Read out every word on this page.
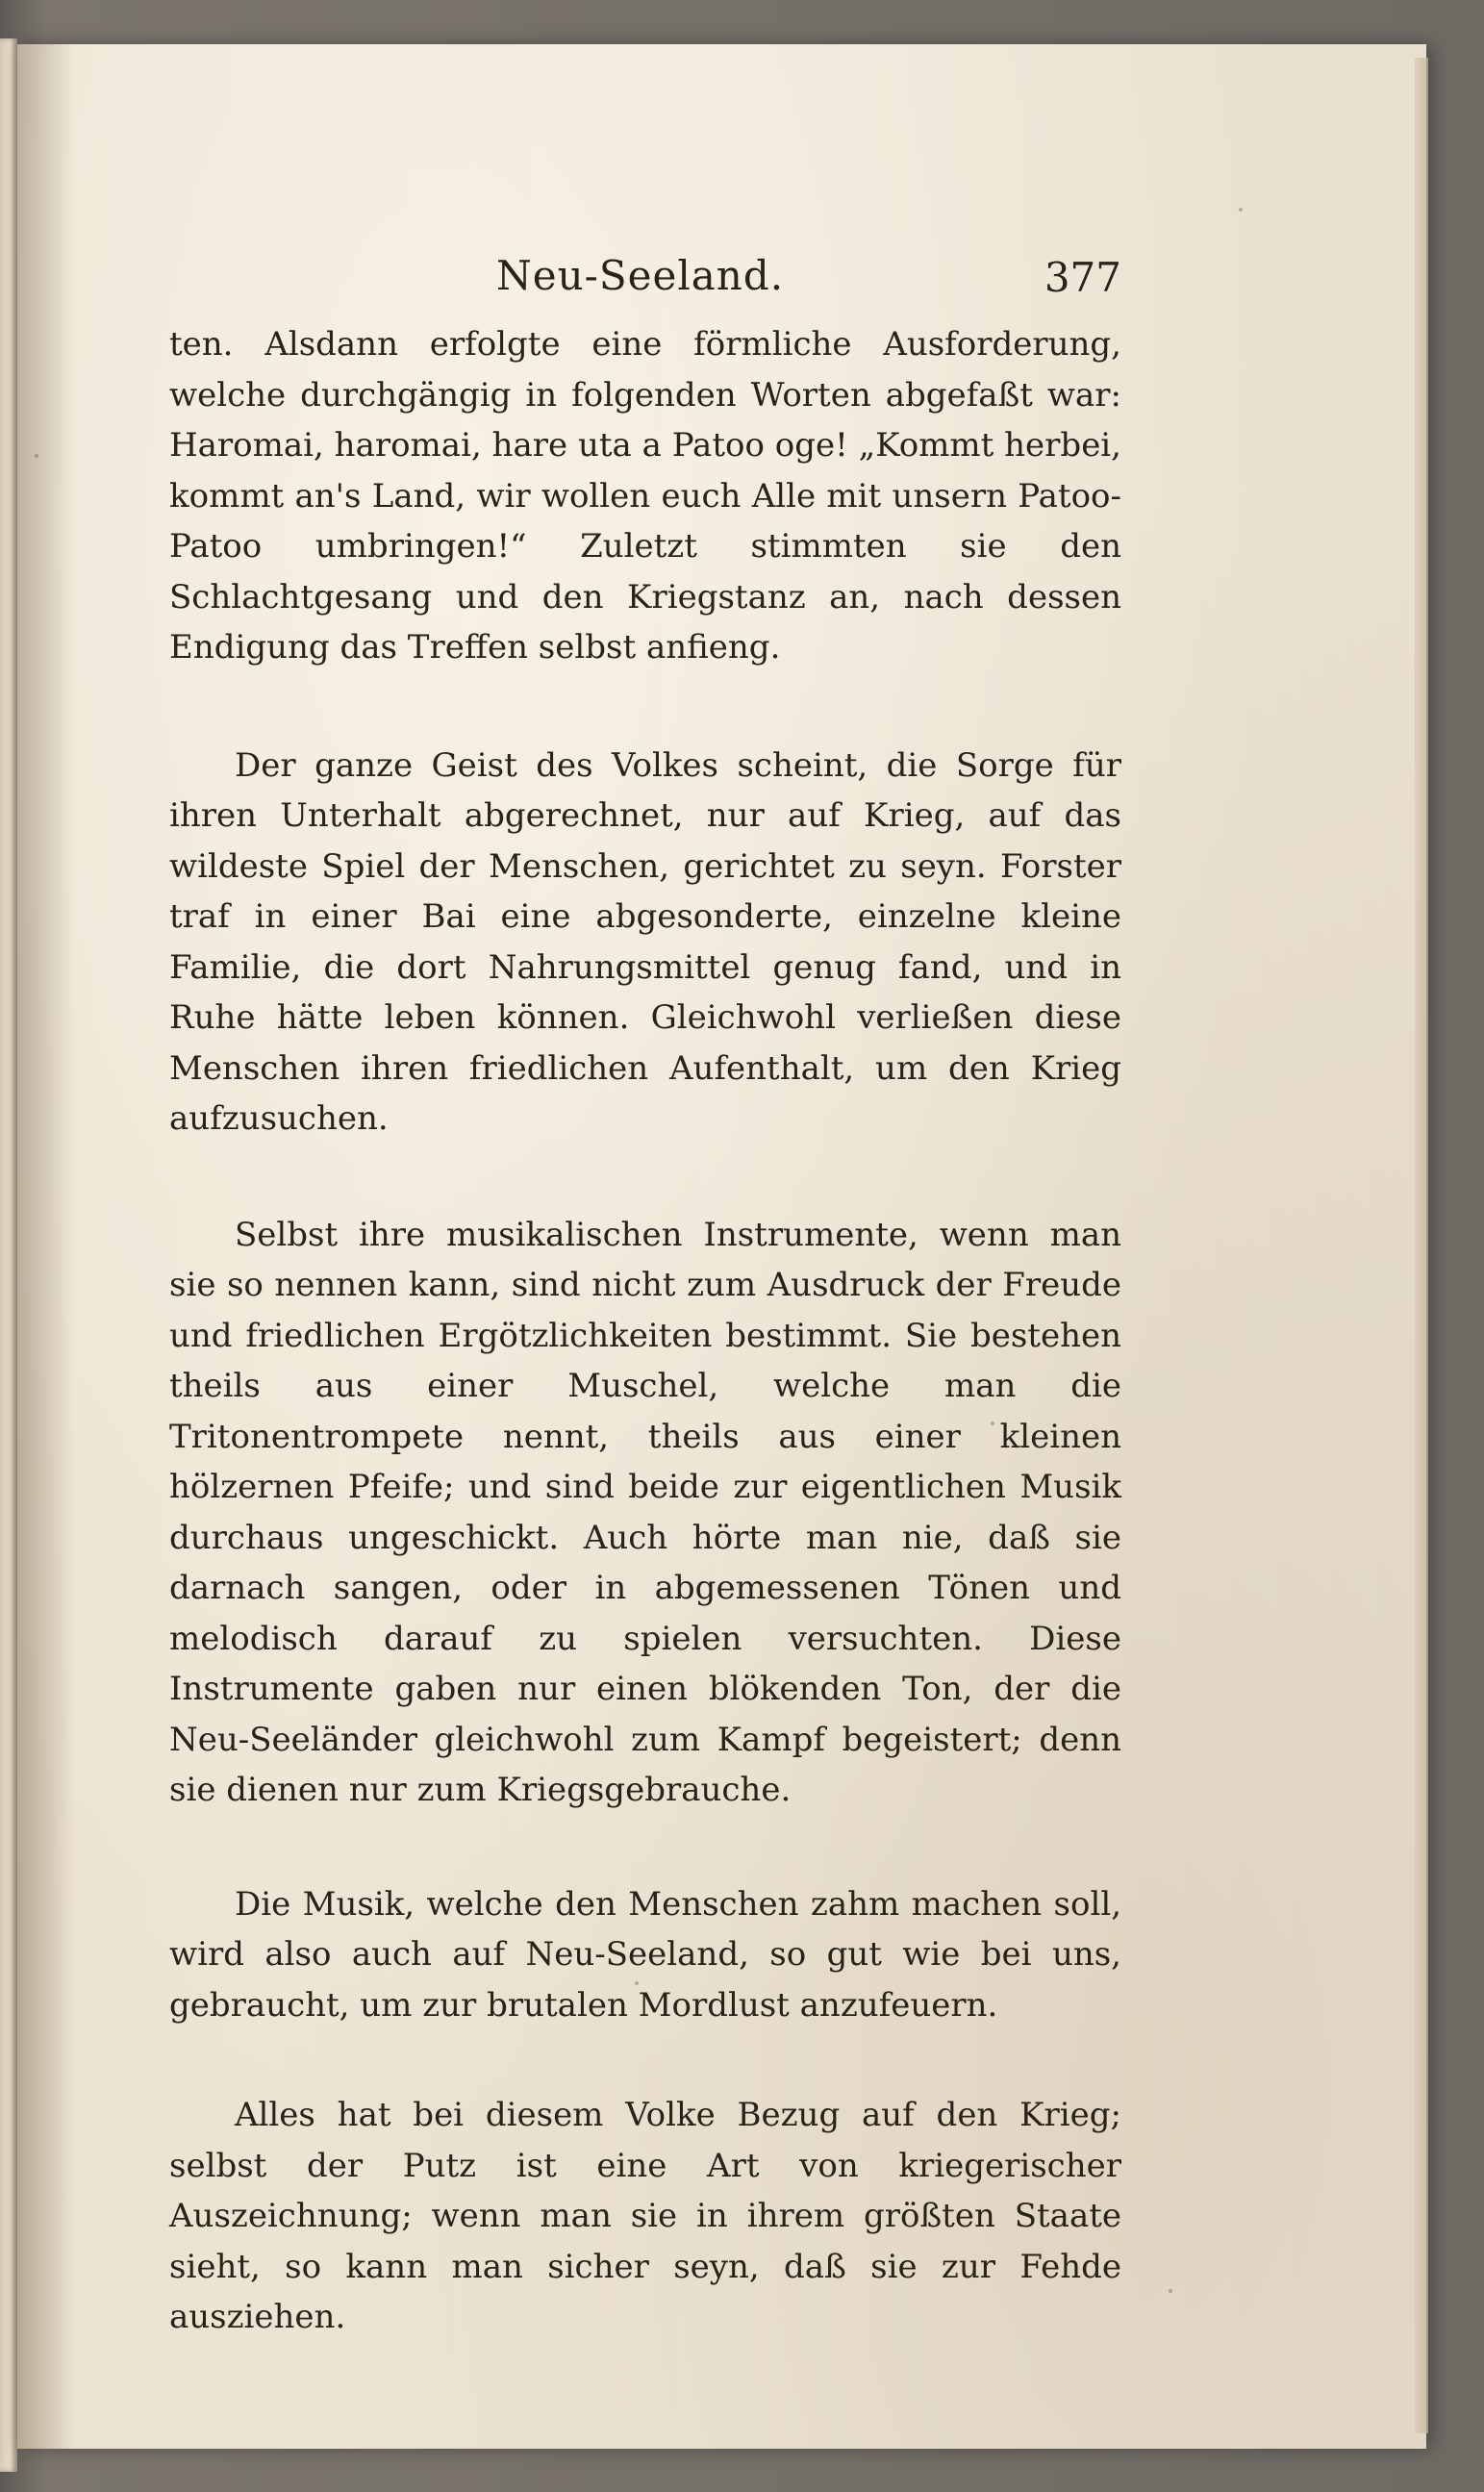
Neu-Seeland.	377

ten. Alsdann erfolgte eine förmliche Ausforderung, welche durchgängig in folgenden Worten abgefaßt war: Haromai, haromai, hare uta a Patoo oge! „Kommt herbei, kommt an's Land, wir wollen euch Alle mit unsern Patoo-Patoo umbringen!“ Zuletzt stimmten sie den Schlachtgesang und den Kriegstanz an, nach dessen Endigung das Treffen selbst anfieng.

Der ganze Geist des Volkes scheint, die Sorge für ihren Unterhalt abgerechnet, nur auf Krieg, auf das wildeste Spiel der Menschen, gerichtet zu seyn. Forster traf in einer Bai eine abgesonderte, einzelne kleine Familie, die dort Nahrungsmittel genug fand, und in Ruhe hätte leben können. Gleichwohl verließen diese Menschen ihren friedlichen Aufenthalt, um den Krieg aufzusuchen.

Selbst ihre musikalischen Instrumente, wenn man sie so nennen kann, sind nicht zum Ausdruck der Freude und friedlichen Ergötzlichkeiten bestimmt. Sie bestehen theils aus einer Muschel, welche man die Tritonentrompete nennt, theils aus einer kleinen hölzernen Pfeife; und sind beide zur eigentlichen Musik durchaus ungeschickt. Auch hörte man nie, daß sie darnach sangen, oder in abgemessenen Tönen und melodisch darauf zu spielen versuchten. Diese Instrumente gaben nur einen blökenden Ton, der die Neu-Seeländer gleichwohl zum Kampf begeistert; denn sie dienen nur zum Kriegsgebrauche.

Die Musik, welche den Menschen zahm machen soll, wird also auch auf Neu-Seeland, so gut wie bei uns, gebraucht, um zur brutalen Mordlust anzufeuern.

Alles hat bei diesem Volke Bezug auf den Krieg; selbst der Putz ist eine Art von kriegerischer Auszeichnung; wenn man sie in ihrem größten Staate sieht, so kann man sicher seyn, daß sie zur Fehde ausziehen.
